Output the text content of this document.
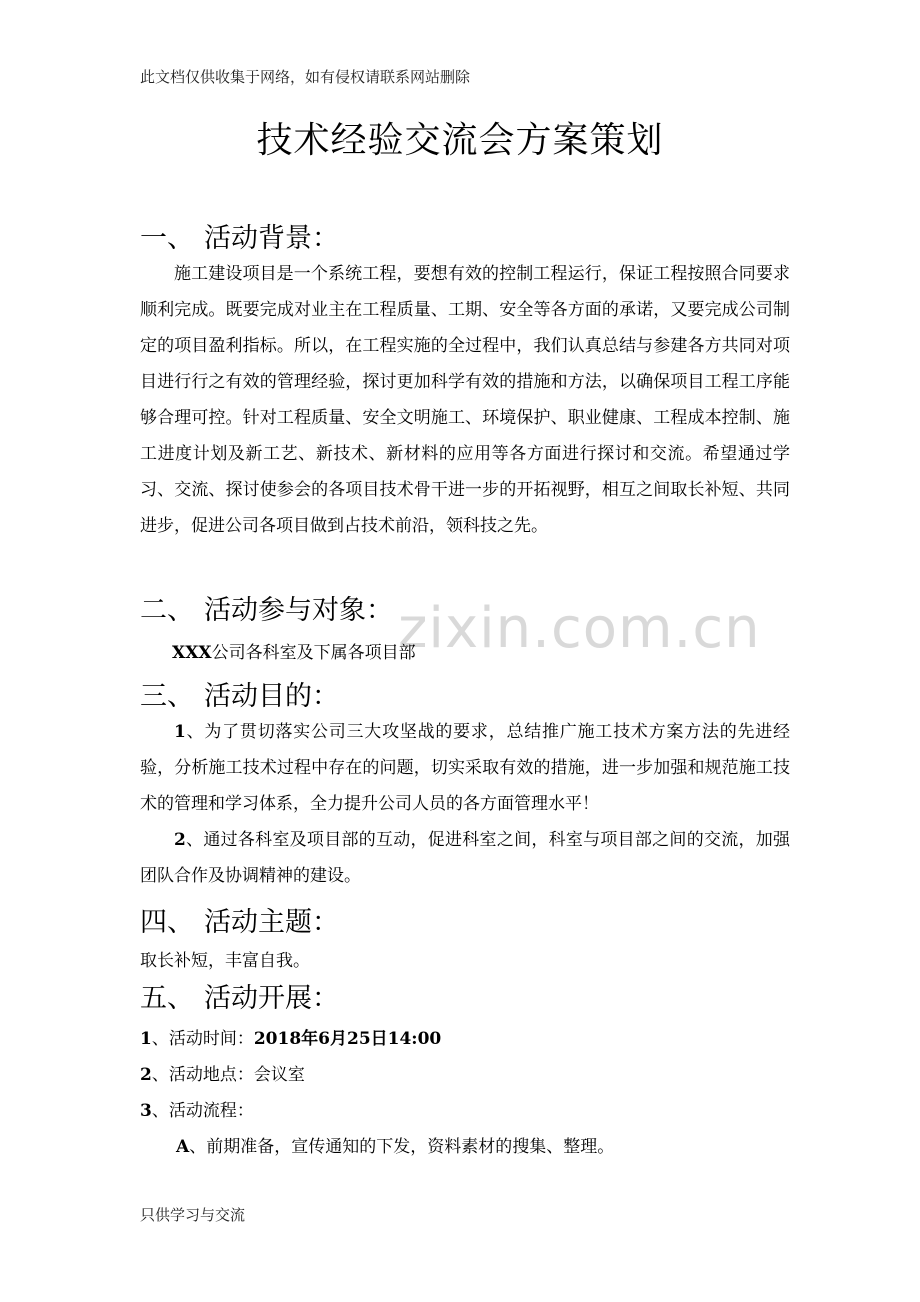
此文档仅供收集于网络，如有侵权请联系网站删除
技术经验交流会方案策划
一、 活动背景：
施工建设项目是一个系统工程，要想有效的控制工程运行，保证工程按照合同要求顺利完成。既要完成对业主在工程质量、工期、安全等各方面的承诺，又要完成公司制定的项目盈利指标。所以，在工程实施的全过程中，我们认真总结与参建各方共同对项目进行行之有效的管理经验，探讨更加科学有效的措施和方法，以确保项目工程工序能够合理可控。针对工程质量、安全文明施工、环境保护、职业健康、工程成本控制、施工进度计划及新工艺、新技术、新材料的应用等各方面进行探讨和交流。希望通过学习、交流、探讨使参会的各项目技术骨干进一步的开拓视野，相互之间取长补短、共同进步，促进公司各项目做到占技术前沿，领科技之先。
zixin.com.cn
二、 活动参与对象：
XXX公司各科室及下属各项目部
三、 活动目的：
1、为了贯切落实公司三大攻坚战的要求，总结推广施工技术方案方法的先进经验，分析施工技术过程中存在的问题，切实采取有效的措施，进一步加强和规范施工技术的管理和学习体系，全力提升公司人员的各方面管理水平！
2、通过各科室及项目部的互动，促进科室之间，科室与项目部之间的交流，加强团队合作及协调精神的建设。
四、 活动主题：
取长补短，丰富自我。
五、 活动开展：
1、活动时间：2018年6月25日14:00
2、活动地点：会议室
3、活动流程：
A、前期准备，宣传通知的下发，资料素材的搜集、整理。
只供学习与交流
